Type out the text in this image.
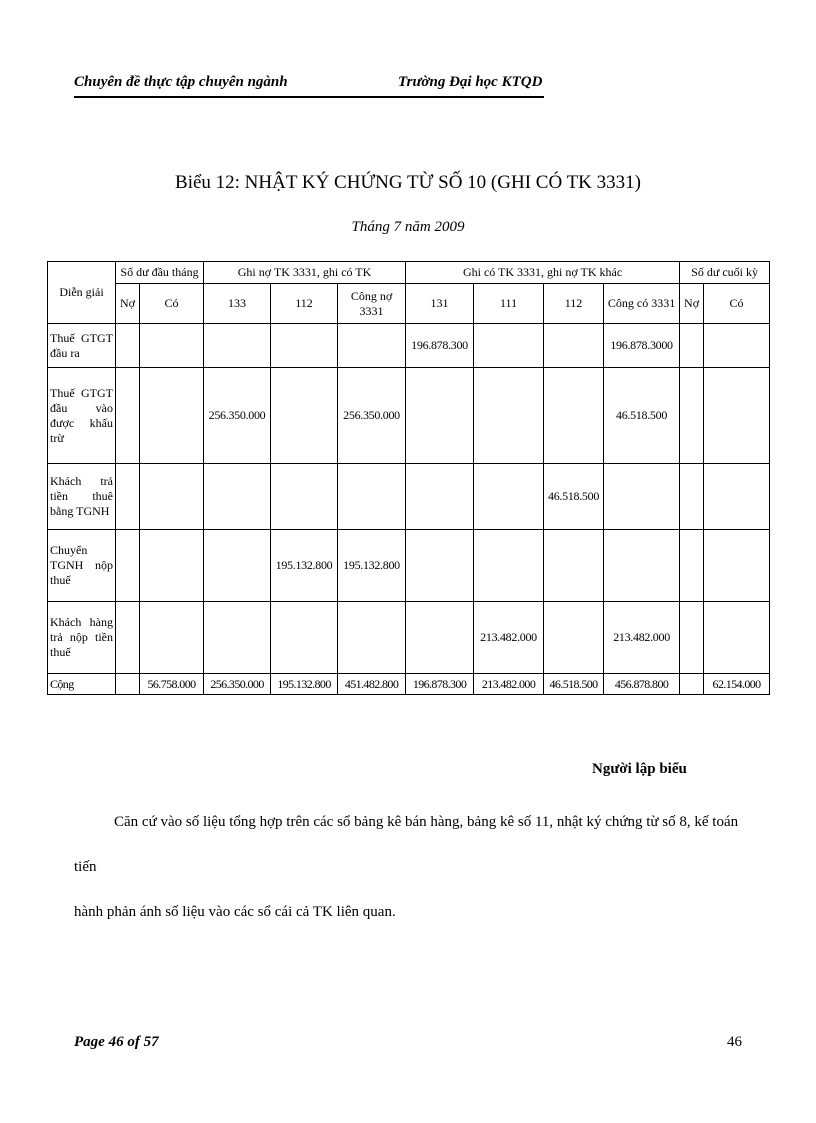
Chuyên đề thực tập chuyên ngành	Trường Đại học KTQD
Biểu 12: NHẬT KÝ CHỨNG TỪ SỐ 10 (GHI CÓ TK 3331)
Tháng 7 năm 2009
Diễn giải	Số dư đầu tháng		Ghi nợ TK 3331, ghi có TK			Ghi có TK 3331, ghi nợ TK khác				Số dư cuối kỳ	
	Nợ	Có	133	112	Công nợ 3331	131	111	112	Công có 3331	Nợ	Có
Thuế GTGT đầu ra						196.878.300			196.878.3000		
Thuế GTGT đầu vào được khấu trừ			256.350.000		256.350.000				46.518.500		
Khách trả tiền thuê bằng TGNH								46.518.500			
Chuyển TGNH nộp thuế				195.132.800	195.132.800						
Khách hàng trả nộp tiền thuế							213.482.000		213.482.000		
Cộng		56.758.000	256.350.000	195.132.800	451.482.800	196.878.300	213.482.000	46.518.500	456.878.800		62.154.000
Người lập biểu

Căn cứ vào số liệu tổng hợp trên các sổ bảng kê bán hàng, bảng kê số 11, nhật ký chứng từ số 8, kế toán tiến

hành phản ánh số liệu vào các sổ cái cả TK liên quan.
Page 46 of 57	46
